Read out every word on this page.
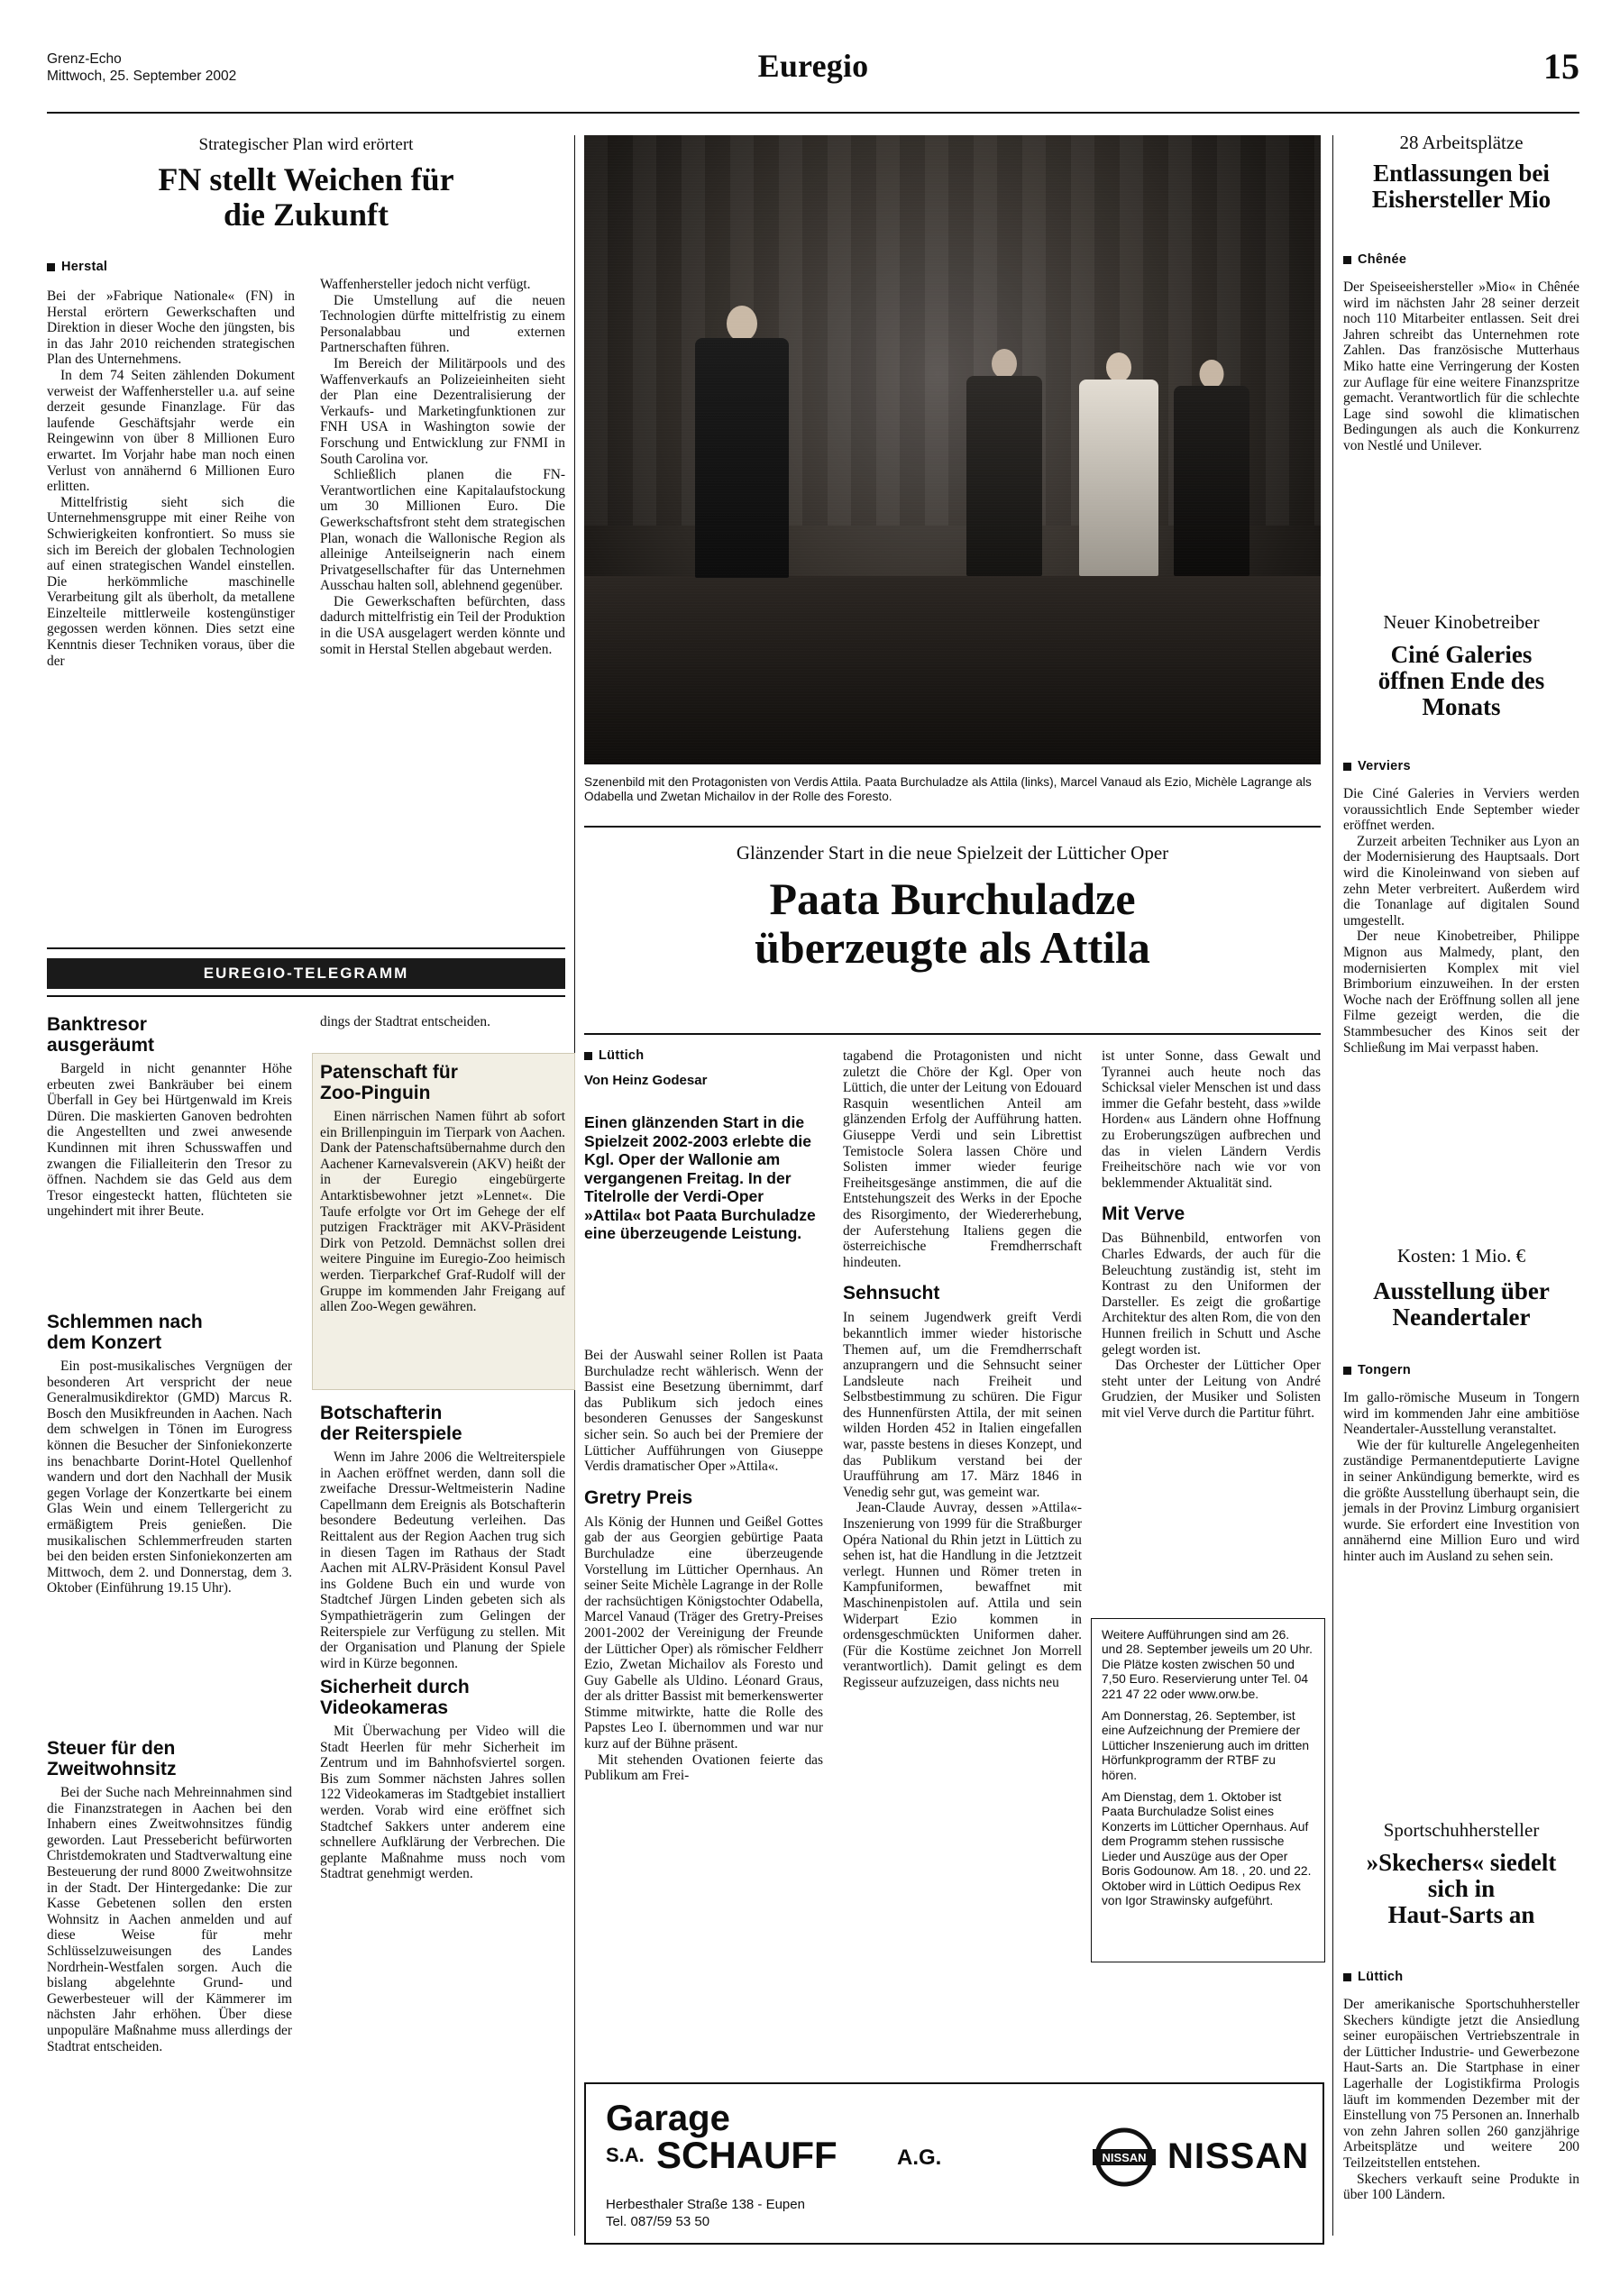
Grenz-Echo
Mittwoch, 25. September 2002	Euregio	15
Strategischer Plan wird erörtert
FN stellt Weichen für
die Zukunft
Herstal

Bei der »Fabrique Nationale« (FN) in Herstal erörtern Gewerkschaften und Direktion in dieser Woche den jüngsten, bis in das Jahr 2010 reichenden strategischen Plan des Unternehmens.

In dem 74 Seiten zählenden Dokument verweist der Waffenhersteller u.a. auf seine derzeit gesunde Finanzlage. Für das laufende Geschäftsjahr werde ein Reingewinn von über 8 Millionen Euro erwartet. Im Vorjahr habe man noch einen Verlust von annähernd 6 Millionen Euro erlitten.

Mittelfristig sieht sich die Unternehmensgruppe mit einer Reihe von Schwierigkeiten konfrontiert. So muss sie sich im Bereich der globalen Technologien auf einen strategischen Wandel einstellen. Die herkömmliche maschinelle Verarbeitung gilt als überholt, da metallene Einzelteile mittlerweile kostengünstiger gegossen werden können. Dies setzt eine Kenntnis dieser Techniken voraus, über die der

Waffenhersteller jedoch nicht verfügt.

Die Umstellung auf die neuen Technologien dürfte mittelfristig zu einem Personalabbau und externen Partnerschaften führen.

Im Bereich der Militärpools und des Waffenverkaufs an Polizeieinheiten sieht der Plan eine Dezentralisierung der Verkaufs- und Marketingfunktionen zur FNH USA in Washington sowie der Forschung und Entwicklung zur FNMI in South Carolina vor.

Schließlich planen die FN-Verantwortlichen eine Kapitalaufstockung um 30 Millionen Euro. Die Gewerkschaftsfront steht dem strategischen Plan, wonach die Wallonische Region als alleinige Anteilseignerin nach einem Privatgesellschafter für das Unternehmen Ausschau halten soll, ablehnend gegenüber.

Die Gewerkschaften befürchten, dass dadurch mittelfristig ein Teil der Produktion in die USA ausgelagert werden könnte und somit in Herstal Stellen abgebaut werden.

EUREGIO-TELEGRAMM
Banktresor
ausgeräumt

Bargeld in nicht genannter Höhe erbeuten zwei Bankräuber bei einem Überfall in Gey bei Hürtgenwald im Kreis Düren. Die maskierten Ganoven bedrohten die Angestellten und zwei anwesende Kundinnen mit ihren Schusswaffen und zwangen die Filialleiterin den Tresor zu öffnen. Nachdem sie das Geld aus dem Tresor eingesteckt hatten, flüchteten sie ungehindert mit ihrer Beute.

Schlemmen nach
dem Konzert

Ein post-musikalisches Vergnügen der besonderen Art verspricht der neue Generalmusikdirektor (GMD) Marcus R. Bosch den Musikfreunden in Aachen. Nach dem schwelgen in Tönen im Eurogress können die Besucher der Sinfoniekonzerte ins benachbarte Dorint-Hotel Quellenhof wandern und dort den Nachhall der Musik gegen Vorlage der Konzertkarte bei einem Glas Wein und einem Tellergericht zu ermäßigtem Preis genießen. Die musikalischen Schlemmerfreuden starten bei den beiden ersten Sinfoniekonzerten am Mittwoch, dem 2. und Donnerstag, dem 3. Oktober (Einführung 19.15 Uhr).

Steuer für den
Zweitwohnsitz

Bei der Suche nach Mehreinnahmen sind die Finanzstrategen in Aachen bei den Inhabern eines Zweitwohnsitzes fündig geworden. Laut Pressebericht befürworten Christdemokraten und Stadtverwaltung eine Besteuerung der rund 8000 Zweitwohnsitze in der Stadt. Der Hintergedanke: Die zur Kasse Gebetenen sollen den ersten Wohnsitz in Aachen anmelden und auf diese Weise für mehr Schlüsselzuweisungen des Landes Nordrhein-Westfalen sorgen. Auch die bislang abgelehnte Grund- und Gewerbesteuer will der Kämmerer im nächsten Jahr erhöhen. Über diese unpopuläre Maßnahme muss allerdings der Stadtrat entscheiden.

dings der Stadtrat entscheiden.

Patenschaft für
Zoo-Pinguin

Einen närrischen Namen führt ab sofort ein Brillenpinguin im Tierpark von Aachen. Dank der Patenschaftsübernahme durch den Aachener Karnevalsverein (AKV) heißt der in der Euregio eingebürgerte Antarktisbewohner jetzt »Lennet«. Die Taufe erfolgte vor Ort im Gehege der elf putzigen Frackträger mit AKV-Präsident Dirk von Petzold. Demnächst sollen drei weitere Pinguine im Euregio-Zoo heimisch werden. Tierparkchef Graf-Rudolf will der Gruppe im kommenden Jahr Freigang auf allen Zoo-Wegen gewähren.

Botschafterin
der Reiterspiele

Wenn im Jahre 2006 die Weltreiterspiele in Aachen eröffnet werden, dann soll die zweifache Dressur-Weltmeisterin Nadine Capellmann dem Ereignis als Botschafterin besondere Bedeutung verleihen. Das Reittalent aus der Region Aachen trug sich in diesen Tagen im Rathaus der Stadt Aachen mit ALRV-Präsident Konsul Pavel ins Goldene Buch ein und wurde von Stadtchef Jürgen Linden gebeten sich als Sympathieträgerin zum Gelingen der Reiterspiele zur Verfügung zu stellen. Mit der Organisation und Planung der Spiele wird in Kürze begonnen.

Sicherheit durch
Videokameras

Mit Überwachung per Video will die Stadt Heerlen für mehr Sicherheit im Zentrum und im Bahnhofsviertel sorgen. Bis zum Sommer nächsten Jahres sollen 122 Videokameras im Stadtgebiet installiert werden. Vorab wird eine eröffnet sich Stadtchef Sakkers unter anderem eine schnellere Aufklärung der Verbrechen. Die geplante Maßnahme muss noch vom Stadtrat genehmigt werden.

Szenenbild mit den Protagonisten von Verdis Attila. Paata Burchuladze als Attila (links), Marcel Vanaud als Ezio, Michèle Lagrange als Odabella und Zwetan Michailov in der Rolle des Foresto.
Glänzender Start in die neue Spielzeit der Lütticher Oper
Paata Burchuladze
überzeugte als Attila
Lüttich
Von Heinz Godesar
Einen glänzenden Start in die Spielzeit 2002-2003 erlebte die Kgl. Oper der Wallonie am vergangenen Freitag. In der Titelrolle der Verdi-Oper »Attila« bot Paata Burchuladze eine überzeugende Leistung.

Bei der Auswahl seiner Rollen ist Paata Burchuladze recht wählerisch. Wenn der Bassist eine Besetzung übernimmt, darf das Publikum sich jedoch eines besonderen Genusses der Sangeskunst sicher sein. So auch bei der Premiere der Lütticher Aufführungen von Giuseppe Verdis dramatischer Oper »Attila«.

Gretry Preis

Als König der Hunnen und Geißel Gottes gab der aus Georgien gebürtige Paata Burchuladze eine überzeugende Vorstellung im Lütticher Opernhaus. An seiner Seite Michèle Lagrange in der Rolle der rachsüchtigen Königstochter Odabella, Marcel Vanaud (Träger des Gretry-Preises 2001-2002 der Vereinigung der Freunde der Lütticher Oper) als römischer Feldherr Ezio, Zwetan Michailov als Foresto und Guy Gabelle als Uldino. Léonard Graus, der als dritter Bassist mit bemerkenswerter Stimme mitwirkte, hatte die Rolle des Papstes Leo I. übernommen und war nur kurz auf der Bühne präsent.

Mit stehenden Ovationen feierte das Publikum am Frei-

tagabend die Protagonisten und nicht zuletzt die Chöre der Kgl. Oper von Lüttich, die unter der Leitung von Edouard Rasquin wesentlichen Anteil am glänzenden Erfolg der Aufführung hatten. Giuseppe Verdi und sein Librettist Temistocle Solera lassen Chöre und Solisten immer wieder feurige Freiheitsgesänge anstimmen, die auf die Entstehungszeit des Werks in der Epoche des Risorgimento, der Wiedererhebung, der Auferstehung Italiens gegen die österreichische Fremdherrschaft hindeuten.

Sehnsucht

In seinem Jugendwerk greift Verdi bekanntlich immer wieder historische Themen auf, um die Fremdherrschaft anzuprangern und die Sehnsucht seiner Landsleute nach Freiheit und Selbstbestimmung zu schüren. Die Figur des Hunnenfürsten Attila, der mit seinen wilden Horden 452 in Italien eingefallen war, passte bestens in dieses Konzept, und das Publikum verstand bei der Uraufführung am 17. März 1846 in Venedig sehr gut, was gemeint war.

Jean-Claude Auvray, dessen »Attila«-Inszenierung von 1999 für die Straßburger Opéra National du Rhin jetzt in Lüttich zu sehen ist, hat die Handlung in die Jetztzeit verlegt. Hunnen und Römer treten in Kampfuniformen, bewaffnet mit Maschinenpistolen auf. Attila und sein Widerpart Ezio kommen in ordensgeschmückten Uniformen daher. (Für die Kostüme zeichnet Jon Morrell verantwortlich). Damit gelingt es dem Regisseur aufzuzeigen, dass nichts neu

ist unter Sonne, dass Gewalt und Tyrannei auch heute noch das Schicksal vieler Menschen ist und dass immer die Gefahr besteht, dass »wilde Horden« aus Ländern ohne Hoffnung zu Eroberungszügen aufbrechen und das in vielen Ländern Verdis Freiheitschöre nach wie vor von beklemmender Aktualität sind.

Mit Verve

Das Bühnenbild, entworfen von Charles Edwards, der auch für die Beleuchtung zuständig ist, steht im Kontrast zu den Uniformen der Darsteller. Es zeigt die großartige Architektur des alten Rom, die von den Hunnen freilich in Schutt und Asche gelegt worden ist.

Das Orchester der Lütticher Oper steht unter der Leitung von André Grudzien, der Musiker und Solisten mit viel Verve durch die Partitur führt.

Weitere Aufführungen sind am 26. und 28. September jeweils um 20 Uhr. Die Plätze kosten zwischen 50 und 7,50 Euro. Reservierung unter Tel. 04 221 47 22 oder www.orw.be.

Am Donnerstag, 26. September, ist eine Aufzeichnung der Premiere der Lütticher Inszenierung auch im dritten Hörfunkprogramm der RTBF zu hören.

Am Dienstag, dem 1. Oktober ist Paata Burchuladze Solist eines Konzerts im Lütticher Opernhaus. Auf dem Programm stehen russische Lieder und Auszüge aus der Oper Boris Godounow. Am 18. , 20. und 22. Oktober wird in Lüttich Oedipus Rex von Igor Strawinsky aufgeführt.

Garage
S.A. SCHAUFF	A.G.
Herbesthaler Straße 138 - Eupen
Tel. 087/59 53 50
NISSAN NISSAN
28 Arbeitsplätze
Entlassungen bei
Eishersteller Mio
Chênée

Der Speiseeishersteller »Mio« in Chênée wird im nächsten Jahr 28 seiner derzeit noch 110 Mitarbeiter entlassen. Seit drei Jahren schreibt das Unternehmen rote Zahlen. Das französische Mutterhaus Miko hatte eine Verringerung der Kosten zur Auflage für eine weitere Finanzspritze gemacht. Verantwortlich für die schlechte Lage sind sowohl die klimatischen Bedingungen als auch die Konkurrenz von Nestlé und Unilever.

Neuer Kinobetreiber
Ciné Galeries
öffnen Ende des
Monats
Verviers

Die Ciné Galeries in Verviers werden voraussichtlich Ende September wieder eröffnet werden.

Zurzeit arbeiten Techniker aus Lyon an der Modernisierung des Hauptsaals. Dort wird die Kinoleinwand von sieben auf zehn Meter verbreitert. Außerdem wird die Tonanlage auf digitalen Sound umgestellt.

Der neue Kinobetreiber, Philippe Mignon aus Malmedy, plant, den modernisierten Komplex mit viel Brimborium einzuweihen. In der ersten Woche nach der Eröffnung sollen all jene Filme gezeigt werden, die die Stammbesucher des Kinos seit der Schließung im Mai verpasst haben.

Kosten: 1 Mio. €
Ausstellung über
Neandertaler
Tongern

Im gallo-römische Museum in Tongern wird im kommenden Jahr eine ambitiöse Neandertaler-Ausstellung veranstaltet.

Wie der für kulturelle Angelegenheiten zuständige Permanentdeputierte Lavigne in seiner Ankündigung bemerkte, wird es die größte Ausstellung überhaupt sein, die jemals in der Provinz Limburg organisiert wurde. Sie erfordert eine Investition von annähernd eine Million Euro und wird hinter auch im Ausland zu sehen sein.

Sportschuhhersteller
»Skechers« siedelt
sich in
Haut-Sarts an
Lüttich

Der amerikanische Sportschuhhersteller Skechers kündigte jetzt die Ansiedlung seiner europäischen Vertriebszentrale in der Lütticher Industrie- und Gewerbezone Haut-Sarts an. Die Startphase in einer Lagerhalle der Logistikfirma Prologis läuft im kommenden Dezember mit der Einstellung von 75 Personen an. Innerhalb von zehn Jahren sollen 260 ganzjährige Arbeitsplätze und weitere 200 Teilzeitstellen entstehen.

Skechers verkauft seine Produkte in über 100 Ländern.
